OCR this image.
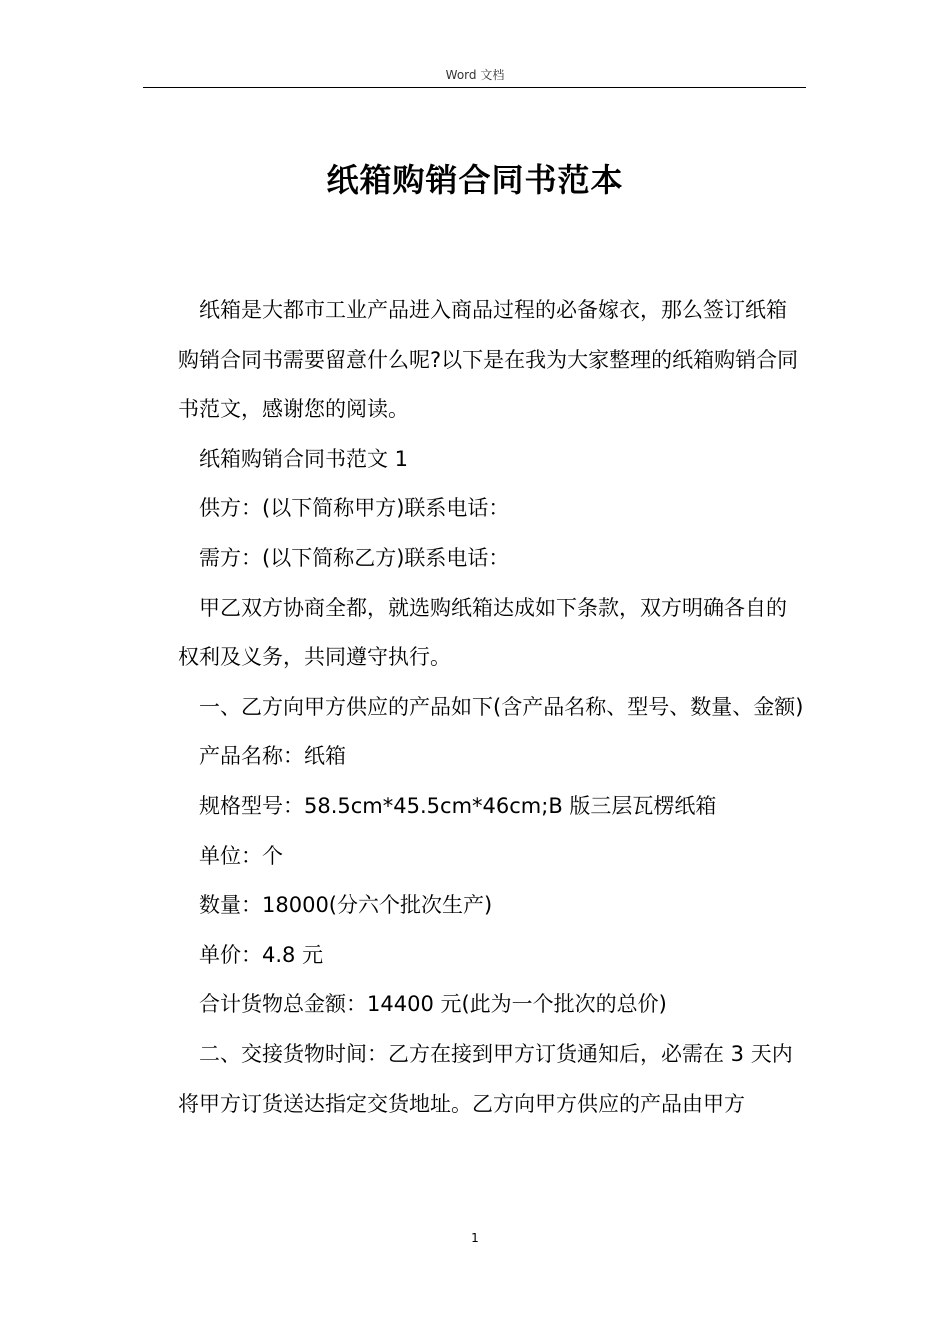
Word 文档
纸箱购销合同书范本

纸箱是大都市工业产品进入商品过程的必备嫁衣，那么签订纸箱购销合同书需要留意什么呢?以下是在我为大家整理的纸箱购销合同书范文，感谢您的阅读。

纸箱购销合同书范文 1

供方：(以下简称甲方)联系电话：

需方：(以下简称乙方)联系电话：

甲乙双方协商全都，就选购纸箱达成如下条款，双方明确各自的权利及义务，共同遵守执行。

一、乙方向甲方供应的产品如下(含产品名称、型号、数量、金额)

产品名称：纸箱

规格型号：58.5cm*45.5cm*46cm;B 版三层瓦楞纸箱

单位：个

数量：18000(分六个批次生产)

单价：4.8 元

合计货物总金额：14400 元(此为一个批次的总价)

二、交接货物时间：乙方在接到甲方订货通知后，必需在 3 天内将甲方订货送达指定交货地址。乙方向甲方供应的产品由甲方

1
